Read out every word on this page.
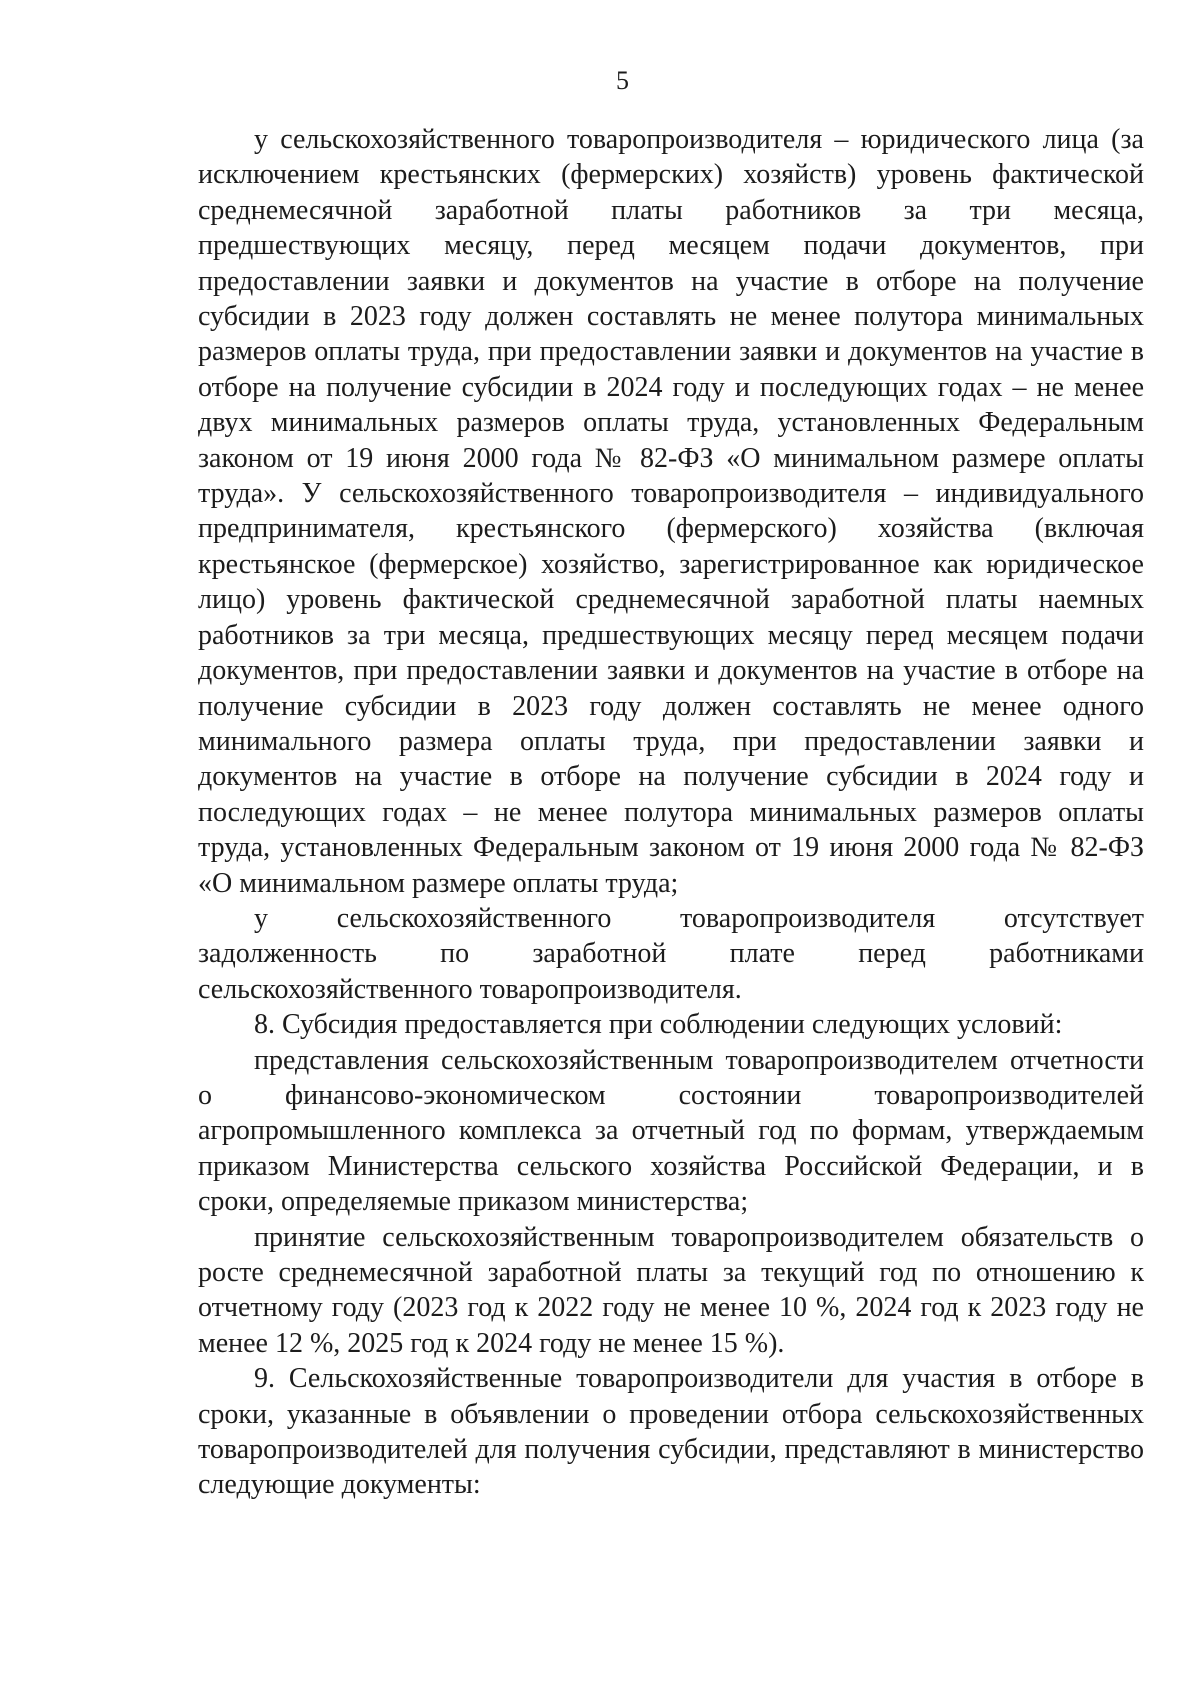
5

у сельскохозяйственного товаропроизводителя – юридического лица (за исключением крестьянских (фермерских) хозяйств) уровень фактической среднемесячной заработной платы работников за три месяца, предшествующих месяцу, перед месяцем подачи документов, при предоставлении заявки и документов на участие в отборе на получение субсидии в 2023 году должен составлять не менее полутора минимальных размеров оплаты труда, при предоставлении заявки и документов на участие в отборе на получение субсидии в 2024 году и последующих годах – не менее двух минимальных размеров оплаты труда, установленных Федеральным законом от 19 июня 2000 года № 82-ФЗ «О минимальном размере оплаты труда». У сельскохозяйственного товаропроизводителя – индивидуального предпринимателя, крестьянского (фермерского) хозяйства (включая крестьянское (фермерское) хозяйство, зарегистрированное как юридическое лицо) уровень фактической среднемесячной заработной платы наемных работников за три месяца, предшествующих месяцу перед месяцем подачи документов, при предоставлении заявки и документов на участие в отборе на получение субсидии в 2023 году должен составлять не менее одного минимального размера оплаты труда, при предоставлении заявки и документов на участие в отборе на получение субсидии в 2024 году и последующих годах – не менее полутора минимальных размеров оплаты труда, установленных Федеральным законом от 19 июня 2000 года № 82-ФЗ «О минимальном размере оплаты труда;

у сельскохозяйственного товаропроизводителя отсутствует задолженность по заработной плате перед работниками сельскохозяйственного товаропроизводителя.

8. Субсидия предоставляется при соблюдении следующих условий:

представления сельскохозяйственным товаропроизводителем отчетности о финансово-экономическом состоянии товаропроизводителей агропромышленного комплекса за отчетный год по формам, утверждаемым приказом Министерства сельского хозяйства Российской Федерации, и в сроки, определяемые приказом министерства;

принятие сельскохозяйственным товаропроизводителем обязательств о росте среднемесячной заработной платы за текущий год по отношению к отчетному году (2023 год к 2022 году не менее 10 %, 2024 год к 2023 году не менее 12 %, 2025 год к 2024 году не менее 15 %).

9. Сельскохозяйственные товаропроизводители для участия в отборе в сроки, указанные в объявлении о проведении отбора сельскохозяйственных товаропроизводителей для получения субсидии, представляют в министерство следующие документы:
